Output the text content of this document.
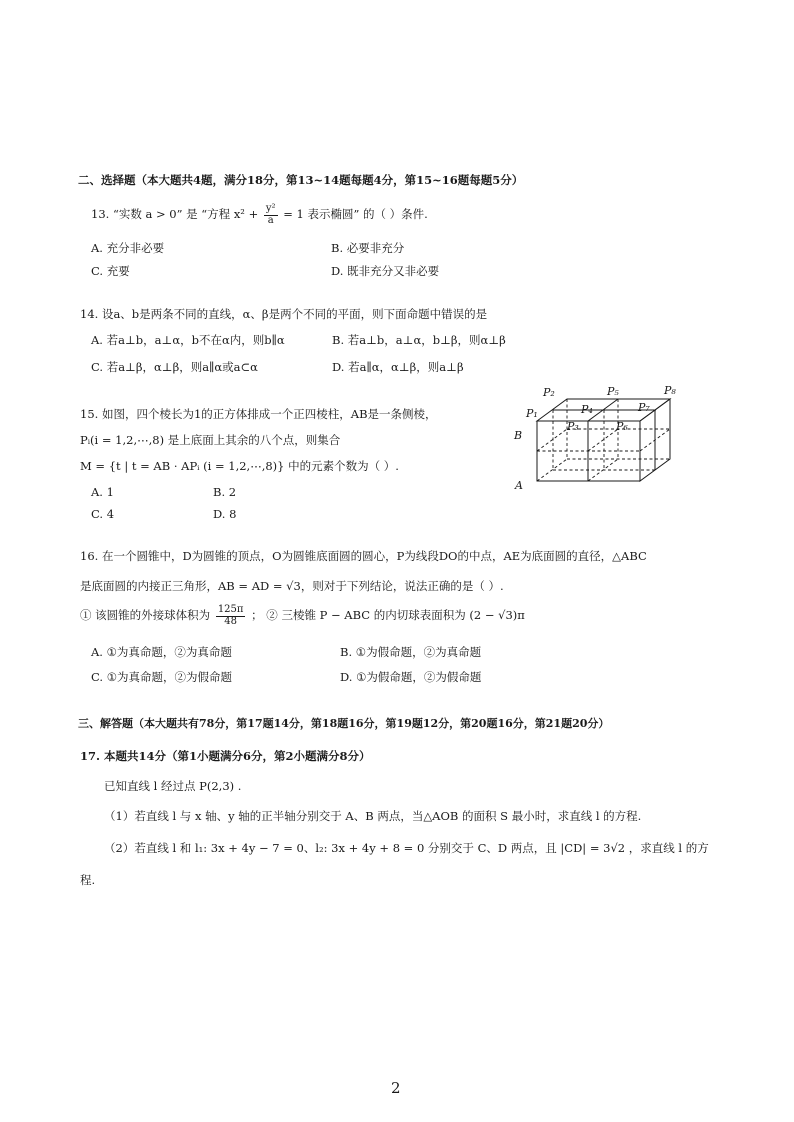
二、选择题（本大题共4题，满分18分，第13~14题每题4分，第15~16题每题5分）
13. “实数 a > 0” 是 “方程 $x^2 + \frac{\text{y²}}{a} = 1$ 表示椭圆” 的（ ）条件.
A. 充分非必要	B. 必要非充分
C. 充要	D. 既非充分又非必要
14. 设a、b是两条不同的直线，α、β是两个不同的平面，则下面命题中错误的是
A. 若a⊥b，a⊥α，b不在α内，则b∥α	B. 若a⊥b，a⊥α，b⊥β，则α⊥β
C. 若a⊥β，α⊥β，则a∥α或a⊂α	D. 若a∥α，α⊥β，则a⊥β
15. 如图，四个棱长为1的正方体排成一个正四棱柱，AB是一条侧棱，
Pᵢ(i = 1,2,⋯,8) 是上底面上其余的八个点，则集合
M = {t | t = AB · APᵢ (i = 1,2,⋯,8)} 中的元素个数为（ ）.
A. 1	B. 2
C. 4	D. 8
P₂	P₅	P₈
P₁	P₄	P₇
P₃	P₆
B
A
16. 在一个圆锥中，D为圆锥的顶点，O为圆锥底面圆的圆心，P为线段DO的中点，AE为底面圆的直径，△ABC
是底面圆的内接正三角形，AB = AD = √3，则对于下列结论，说法正确的是（ ）.
① 该圆锥的外接球体积为 $\frac{125\pi}{48}$ ； ② 三棱锥 P − ABC 的内切球表面积为 (2 − √3)π
A. ①为真命题，②为真命题	B. ①为假命题，②为真命题
C. ①为真命题，②为假命题	D. ①为假命题，②为假命题
三、解答题（本大题共有78分，第17题14分，第18题16分，第19题12分，第20题16分，第21题20分）
17. 本题共14分（第1小题满分6分，第2小题满分8分）
已知直线 l 经过点 P(2,3) .
（1）若直线 l 与 x 轴、y 轴的正半轴分别交于 A、B 两点，当△AOB 的面积 S 最小时，求直线 l 的方程.
（2）若直线 l 和 l₁: 3x + 4y − 7 = 0、l₂: 3x + 4y + 8 = 0 分别交于 C、D 两点，且 |CD| = 3√2 ，求直线 l 的方
程.
2
